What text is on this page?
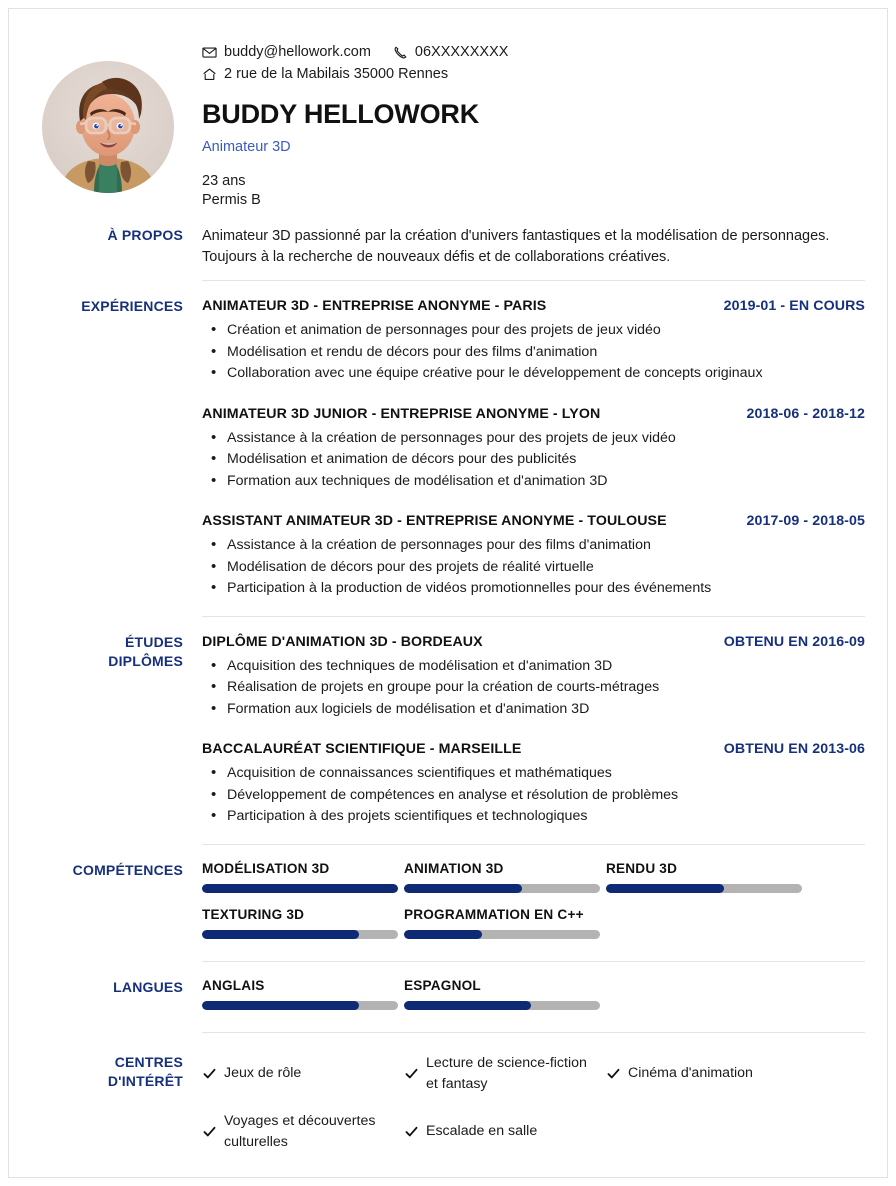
buddy@hellowork.com	06XXXXXXXX
2 rue de la Mabilais 35000 Rennes
BUDDY HELLOWORK
Animateur 3D
23 ans
Permis B
À PROPOS	Animateur 3D passionné par la création d'univers fantastiques et la modélisation de personnages. Toujours à la recherche de nouveaux défis et de collaborations créatives.
EXPÉRIENCES	ANIMATEUR 3D - ENTREPRISE ANONYME - PARIS	2019-01 - EN COURS
• Création et animation de personnages pour des projets de jeux vidéo
• Modélisation et rendu de décors pour des films d'animation
• Collaboration avec une équipe créative pour le développement de concepts originaux
ANIMATEUR 3D JUNIOR - ENTREPRISE ANONYME - LYON	2018-06 - 2018-12
• Assistance à la création de personnages pour des projets de jeux vidéo
• Modélisation et animation de décors pour des publicités
• Formation aux techniques de modélisation et d'animation 3D
ASSISTANT ANIMATEUR 3D - ENTREPRISE ANONYME - TOULOUSE	2017-09 - 2018-05
• Assistance à la création de personnages pour des films d'animation
• Modélisation de décors pour des projets de réalité virtuelle
• Participation à la production de vidéos promotionnelles pour des événements
ÉTUDES
DIPLÔMES
DIPLÔME D'ANIMATION 3D - BORDEAUX	OBTENU EN 2016-09
• Acquisition des techniques de modélisation et d'animation 3D
• Réalisation de projets en groupe pour la création de courts-métrages
• Formation aux logiciels de modélisation et d'animation 3D
BACCALAURÉAT SCIENTIFIQUE - MARSEILLE	OBTENU EN 2013-06
• Acquisition de connaissances scientifiques et mathématiques
• Développement de compétences en analyse et résolution de problèmes
• Participation à des projets scientifiques et technologiques
COMPÉTENCES	MODÉLISATION 3D	ANIMATION 3D	RENDU 3D
TEXTURING 3D	PROGRAMMATION EN C++
LANGUES	ANGLAIS	ESPAGNOL
CENTRES
D'INTÉRÊT	Jeux de rôle
Lecture de science-fiction et fantasy
Cinéma d'animation
Voyages et découvertes culturelles
Escalade en salle
